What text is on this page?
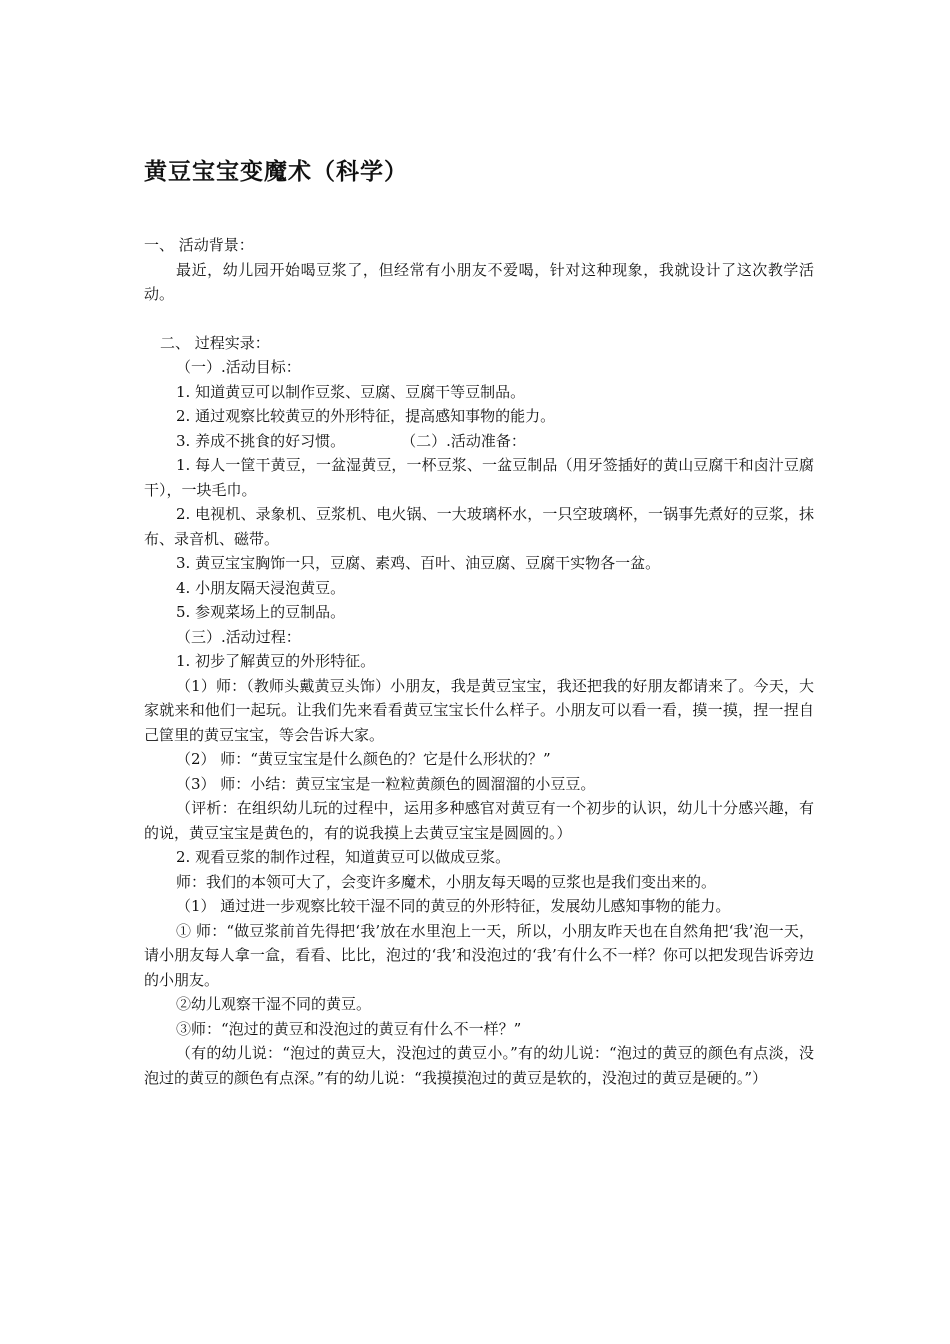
黄豆宝宝变魔术（科学）

一、 活动背景：

最近，幼儿园开始喝豆浆了，但经常有小朋友不爱喝，针对这种现象，我就设计了这次教学活动。

二、 过程实录：

（一）.活动目标：

1. 知道黄豆可以制作豆浆、豆腐、豆腐干等豆制品。

2. 通过观察比较黄豆的外形特征，提高感知事物的能力。

3. 养成不挑食的好习惯。	（二）.活动准备：

1. 每人一筐干黄豆，一盆湿黄豆，一杯豆浆、一盆豆制品（用牙签插好的黄山豆腐干和卤汁豆腐干），一块毛巾。

2. 电视机、录象机、豆浆机、电火锅、一大玻璃杯水，一只空玻璃杯，一锅事先煮好的豆浆，抹布、录音机、磁带。

3. 黄豆宝宝胸饰一只，豆腐、素鸡、百叶、油豆腐、豆腐干实物各一盆。

4. 小朋友隔天浸泡黄豆。

5. 参观菜场上的豆制品。

（三）.活动过程：

1. 初步了解黄豆的外形特征。

（1）师：（教师头戴黄豆头饰）小朋友，我是黄豆宝宝，我还把我的好朋友都请来了。今天，大家就来和他们一起玩。让我们先来看看黄豆宝宝长什么样子。小朋友可以看一看，摸一摸，捏一捏自己筐里的黄豆宝宝，等会告诉大家。

（2） 师：“黄豆宝宝是什么颜色的？它是什么形状的？”

（3） 师：小结：黄豆宝宝是一粒粒黄颜色的圆溜溜的小豆豆。

（评析：在组织幼儿玩的过程中，运用多种感官对黄豆有一个初步的认识，幼儿十分感兴趣，有的说，黄豆宝宝是黄色的，有的说我摸上去黄豆宝宝是圆圆的。）

2. 观看豆浆的制作过程，知道黄豆可以做成豆浆。

师：我们的本领可大了，会变许多魔术，小朋友每天喝的豆浆也是我们变出来的。

（1） 通过进一步观察比较干湿不同的黄豆的外形特征，发展幼儿感知事物的能力。

① 师：“做豆浆前首先得把‘我’放在水里泡上一天，所以，小朋友昨天也在自然角把‘我’泡一天，请小朋友每人拿一盒，看看、比比，泡过的‘我’和没泡过的‘我’有什么不一样？你可以把发现告诉旁边的小朋友。

②幼儿观察干湿不同的黄豆。

③师：“泡过的黄豆和没泡过的黄豆有什么不一样？”

（有的幼儿说：“泡过的黄豆大，没泡过的黄豆小。”有的幼儿说：“泡过的黄豆的颜色有点淡，没泡过的黄豆的颜色有点深。”有的幼儿说：“我摸摸泡过的黄豆是软的，没泡过的黄豆是硬的。”）
